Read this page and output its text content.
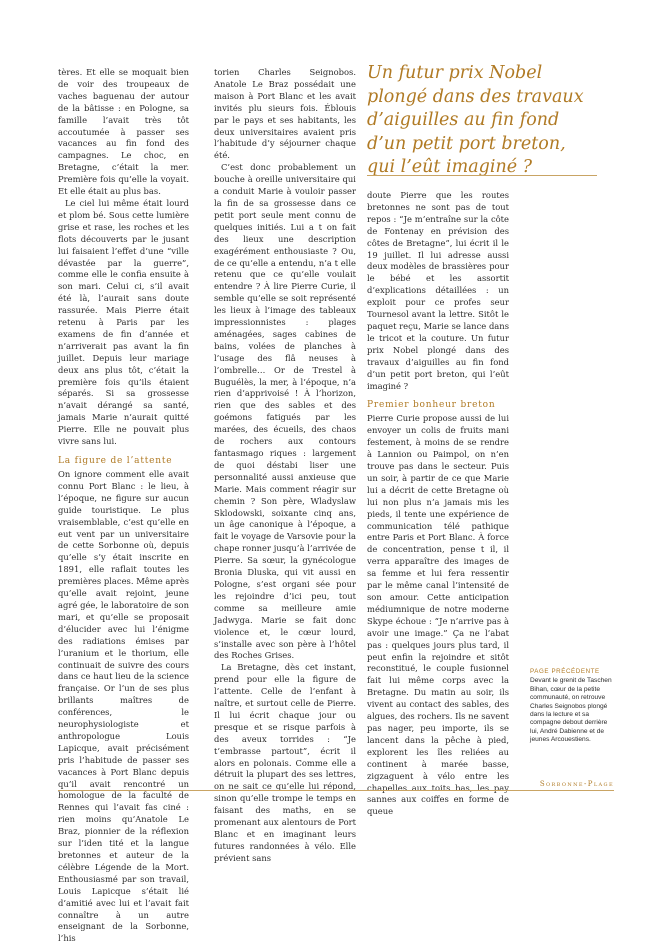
tères. Et elle se moquait bien de voir des troupeaux de vaches baguenau der autour de la bâtisse : en Pologne, sa famille l’avait très tôt accoutumée à passer ses vacances au fin fond des campagnes. Le choc, en Bretagne, c’était la mer. Première fois qu’elle la voyait. Et elle était au plus bas.

Le ciel lui même était lourd et plom bé. Sous cette lumière grise et rase, les roches et les flots découverts par le jusant lui faisaient l’effet d’une “ville dévastée par la guerre”, comme elle le confia ensuite à son mari. Celui ci, s’il avait été là, l’aurait sans doute rassurée. Mais Pierre était retenu à Paris par les examens de fin d’année et n’arriverait pas avant la fin juillet. Depuis leur mariage deux ans plus tôt, c’était la première fois qu’ils étaient séparés. Si sa grossesse n’avait dérangé sa santé, jamais Marie n’aurait quitté Pierre. Elle ne pouvait plus vivre sans lui.

La figure de l’attente

On ignore comment elle avait connu Port Blanc : le lieu, à l’époque, ne figure sur aucun guide touristique. Le plus vraisemblable, c’est qu’elle en eut vent par un universitaire de cette Sorbonne où, depuis qu’elle s’y était inscrite en 1891, elle raflait toutes les premières places. Même après qu’elle avait rejoint, jeune agré gée, le laboratoire de son mari, et qu’elle se proposait d’élucider avec lui l’énigme des radiations émises par l’uranium et le thorium, elle continuait de suivre des cours dans ce haut lieu de la science française. Or l’un de ses plus brillants maîtres de conférences, le neurophysiologiste et anthropologue Louis Lapicque, avait précisément pris l’habitude de passer ses vacances à Port Blanc depuis qu’il avait rencontré un homologue de la faculté de Rennes qui l’avait fas ciné : rien moins qu’Anatole Le Braz, pionnier de la réflexion sur l’iden tité et la langue bretonnes et auteur de la célèbre Légende de la Mort. Enthousiasmé par son travail, Louis Lapicque s’était lié d’amitié avec lui et l’avait fait connaître à un autre enseignant de la Sorbonne, l’his

torien Charles Seignobos. Anatole Le Braz possédait une maison à Port Blanc et les avait invités plu sieurs fois. Éblouis par le pays et ses habitants, les deux universitaires avaient pris l’habitude d’y séjourner chaque été.

C’est donc probablement un bouche à oreille universitaire qui a conduit Marie à vouloir passer la fin de sa grossesse dans ce petit port seule ment connu de quelques initiés. Lui a t on fait des lieux une description exagérément enthousiaste ? Ou, de ce qu’elle a entendu, n’a t elle retenu que ce qu’elle voulait entendre ? À lire Pierre Curie, il semble qu’elle se soit représenté les lieux à l’image des tableaux impressionnistes : plages aménagées, sages cabines de bains, volées de planches à l’usage des flâ neuses à l’ombrelle… Or de Trestel à Buguélès, la mer, à l’époque, n’a rien d’apprivoisé ! À l’horizon, rien que des sables et des goémons fatigués par les marées, des écueils, des chaos de rochers aux contours fantasmago riques : largement de quoi déstabi liser une personnalité aussi anxieuse que Marie. Mais comment réagir sur chemin ? Son père, Wladyslaw Sklodowski, soixante cinq ans, un âge canonique à l’époque, a fait le voyage de Varsovie pour la chape ronner jusqu’à l’arrivée de Pierre. Sa sœur, la gynécologue Bronia Dluska, qui vit aussi en Pologne, s’est organi sée pour les rejoindre d’ici peu, tout comme sa meilleure amie Jadwyga. Marie se fait donc violence et, le cœur lourd, s’installe avec son père à l’hôtel des Roches Grises.

La Bretagne, dès cet instant, prend pour elle la figure de l’attente. Celle de l’enfant à naître, et surtout celle de Pierre. Il lui écrit chaque jour ou presque et se risque parfois à des aveux torrides : “Je t’embrasse partout”, écrit il alors en polonais. Comme elle a détruit la plupart des ses lettres, on ne sait ce qu’elle lui répond, sinon qu’elle trompe le temps en faisant des maths, en se promenant aux alentours de Port Blanc et en imaginant leurs futures randonnées à vélo. Elle prévient sans

Un futur prix Nobel plongé dans des travaux d’aiguilles au fin fond d’un petit port breton, qui l’eût imaginé ?

doute Pierre que les routes bretonnes ne sont pas de tout repos : “Je m’entraîne sur la côte de Fontenay en prévision des côtes de Bretagne”, lui écrit il le 19 juillet. Il lui adresse aussi deux modèles de brassières pour le bébé et les assortit d’explications détaillées : un exploit pour ce profes seur Tournesol avant la lettre. Sitôt le paquet reçu, Marie se lance dans le tricot et la couture. Un futur prix Nobel plongé dans des travaux d’aiguilles au fin fond d’un petit port breton, qui l’eût imaginé ?

Premier bonheur breton

Pierre Curie propose aussi de lui envoyer un colis de fruits mani festement, à moins de se rendre à Lannion ou Paimpol, on n’en trouve pas dans le secteur. Puis un soir, à partir de ce que Marie lui a décrit de cette Bretagne où lui non plus n’a jamais mis les pieds, il tente une expérience de communication télé pathique entre Paris et Port Blanc. À force de concentration, pense t il, il verra apparaître des images de sa femme et lui fera ressentir par le même canal l’intensité de son amour. Cette anticipation médiumnique de notre moderne Skype échoue : “Je n’arrive pas à avoir une image.” Ça ne l’abat pas : quelques jours plus tard, il peut enfin la rejoindre et sitôt reconstitué, le couple fusionnel fait lui même corps avec la Bretagne. Du matin au soir, ils vivent au contact des sables, des algues, des rochers. Ils ne savent pas nager, peu importe, ils se lancent dans la pêche à pied, explorent les îles reliées au continent à marée basse, zigzaguent à vélo entre les chapelles aux toits bas, les pay sannes aux coiffes en forme de queue

PAGE PRÉCÉDENTE
Devant le grenit de Taschen Bihan, cœur de la petite communauté, on retrouve Charles Seignobos plongé dans la lecture et sa compagne debout derrière lui, André Dabienne et de jeunes Arcouestiens.
Sorbonne-Plage
